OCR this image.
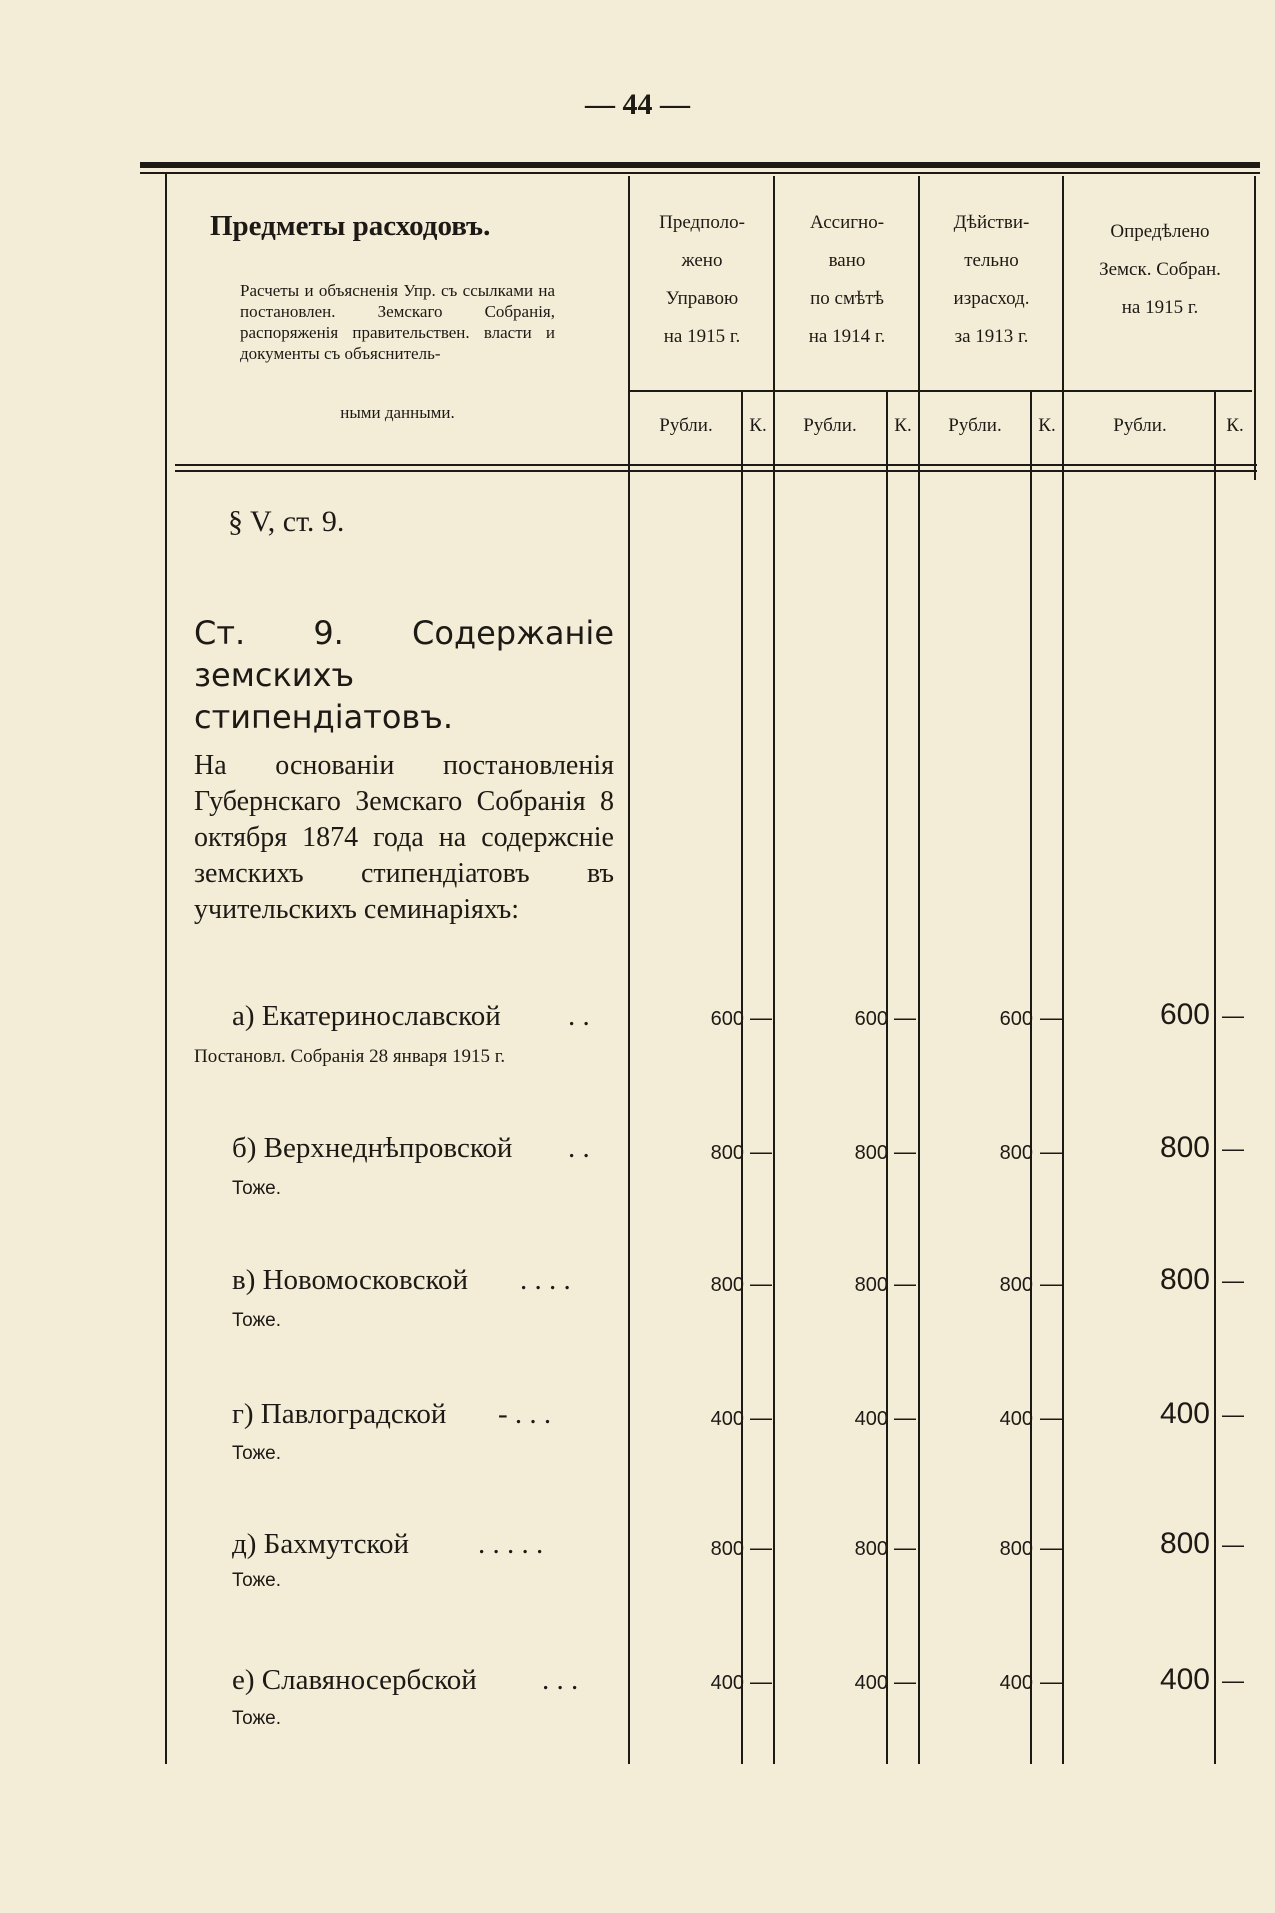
— 44 —
Предметы расходовъ.
Расчеты и объясненія Упр. съ ссылками на постановлен. Земскаго Собранія, распоряженія правительствен. власти и документы съ объяснитель-
ными данными.
Предполо-
жено
Управою
на 1915 г.
Ассигно-
вано
по смѣтѣ
на 1914 г.
Дѣйстви-
тельно
израсход.
за 1913 г.
Опредѣлено
Земск. Собран.
на 1915 г.
Рубли.	К.	Рубли.	К.	Рубли.	К.	Рубли.	К.
§ V, ст. 9.
Ст. 9. Содержаніе земскихъ стипендіатовъ.
На основаніи постановленія Губернскаго Земскаго Собранія 8 октября 1874 года на содержсніе земскихъ стипендіатовъ въ учительскихъ семинаріяхъ:
а) Екатеринославской . .
Постановл. Собранія 28 января 1915 г.
600 —	600 —	600 —	600 —
б) Верхнеднѣпровской . .
Тоже.
800 —	800 —	800 —	800 —
в) Новомосковской . . . .
Тоже.
800 —	800 —	800 —	800 —
г) Павлоградской - . . .
Тоже.
400 —	400 —	400 —	400 —
д) Бахмутской . . . . .
Тоже.
800 —	800 —	800 —	800 —
е) Славяносербской . . .
Тоже.
400 —	400 —	400 —	400 —
